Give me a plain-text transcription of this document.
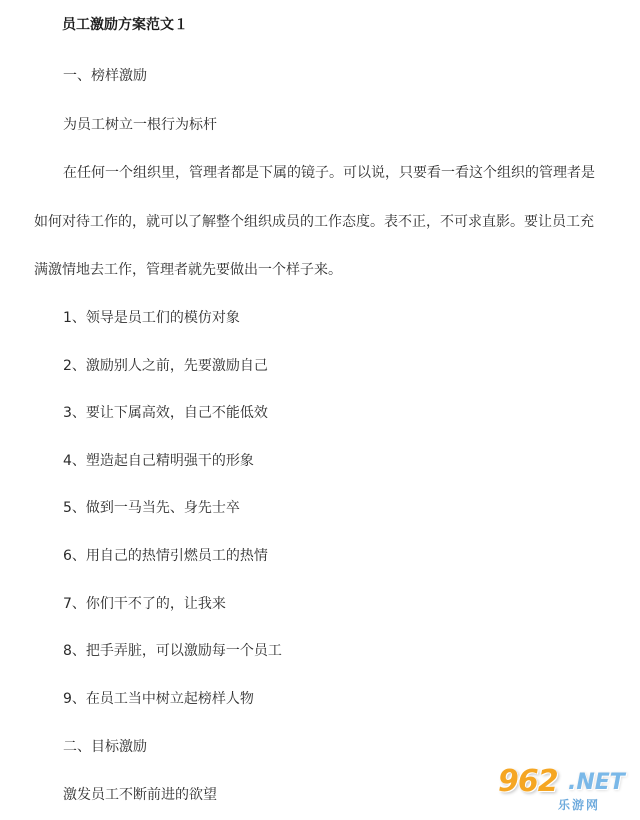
员工激励方案范文１
一、榜样激励
为员工树立一根行为标杆
在任何一个组织里，管理者都是下属的镜子。可以说，只要看一看这个组织的管理者是
如何对待工作的，就可以了解整个组织成员的工作态度。表不正，不可求直影。要让员工充
满激情地去工作，管理者就先要做出一个样子来。
1、领导是员工们的模仿对象
2、激励别人之前，先要激励自己
3、要让下属高效，自己不能低效
4、塑造起自己精明强干的形象
5、做到一马当先、身先士卒
6、用自己的热情引燃员工的热情
7、你们干不了的，让我来
8、把手弄脏，可以激励每一个员工
9、在员工当中树立起榜样人物
二、目标激励
激发员工不断前进的欲望	962 .NET
乐游网
